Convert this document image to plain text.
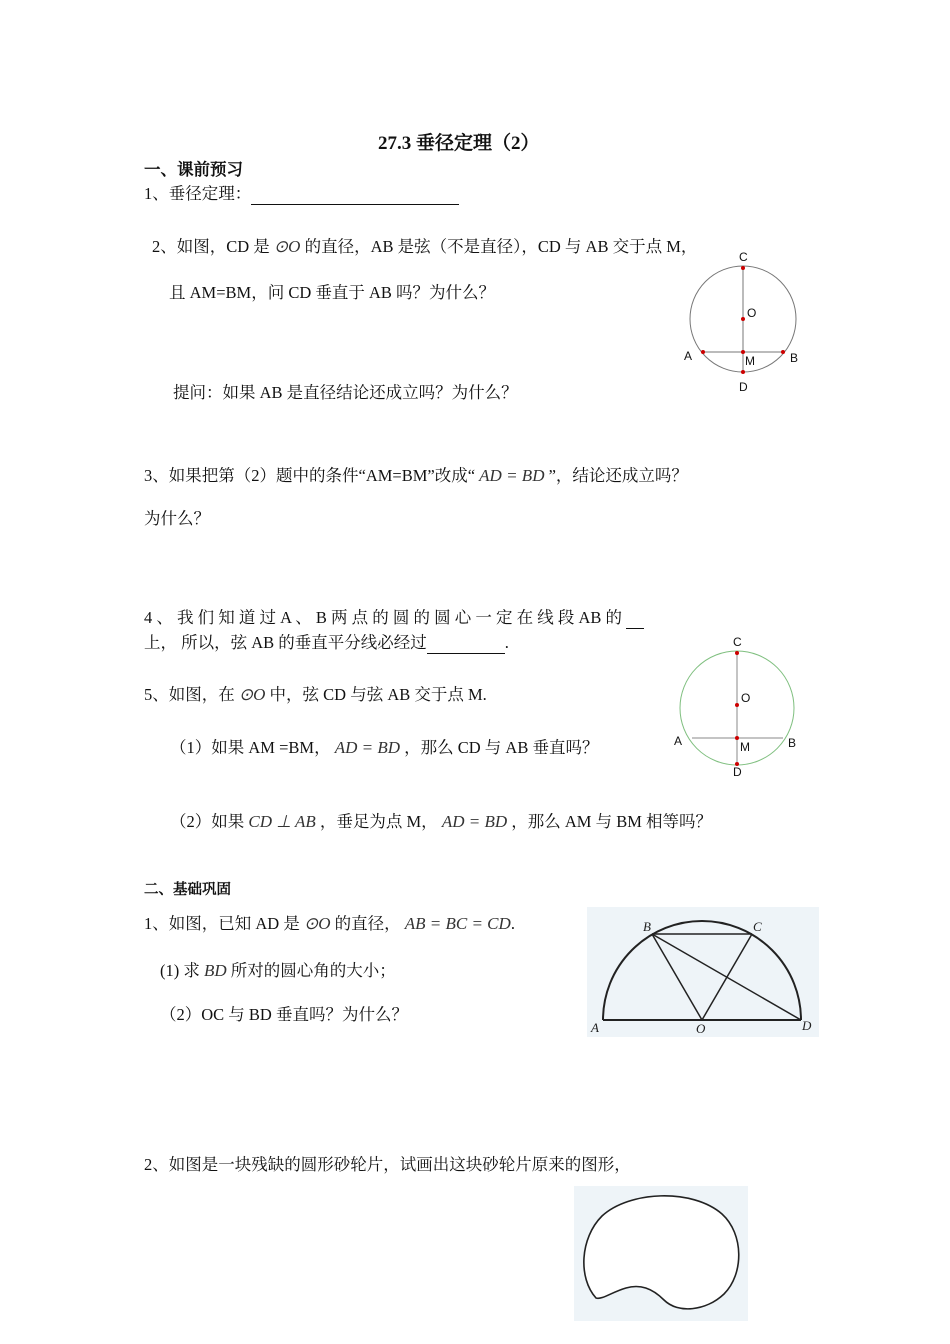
27.3 垂径定理（2）
一、课前预习
1、垂径定理：
2、如图，CD 是 ⊙O 的直径，AB 是弦（不是直径），CD 与 AB 交于点 M，
且 AM=BM，问 CD 垂直于 AB 吗？为什么？
提问：如果 AB 是直径结论还成立吗？为什么？
C
O
A	B
M
D
3、如果把第（2）题中的条件“AM=BM”改成“ AD = BD ”，结论还成立吗？
为什么？
4 、 我 们 知 道 过 A 、 B 两 点 的 圆 的 圆 心 一 定 在 线 段 AB 的
上， 所以，弦 AB 的垂直平分线必经过	.	C
O
A	B
M
D
5、如图，在 ⊙O 中，弦 CD 与弦 AB 交于点 M.
（1）如果 AM =BM， AD = BD ，那么 CD 与 AB 垂直吗？
（2）如果 CD ⊥ AB ，垂足为点 M， AD = BD ，那么 AM 与 BM 相等吗？
二、基础巩固
1、如图，已知 AD 是 ⊙O 的直径， AB = BC = CD.
(1) 求 BD 所对的圆心角的大小；
（2）OC 与 BD 垂直吗？为什么？
A
B	C
O	D
2、如图是一块残缺的圆形砂轮片，试画出这块砂轮片原来的图形，
